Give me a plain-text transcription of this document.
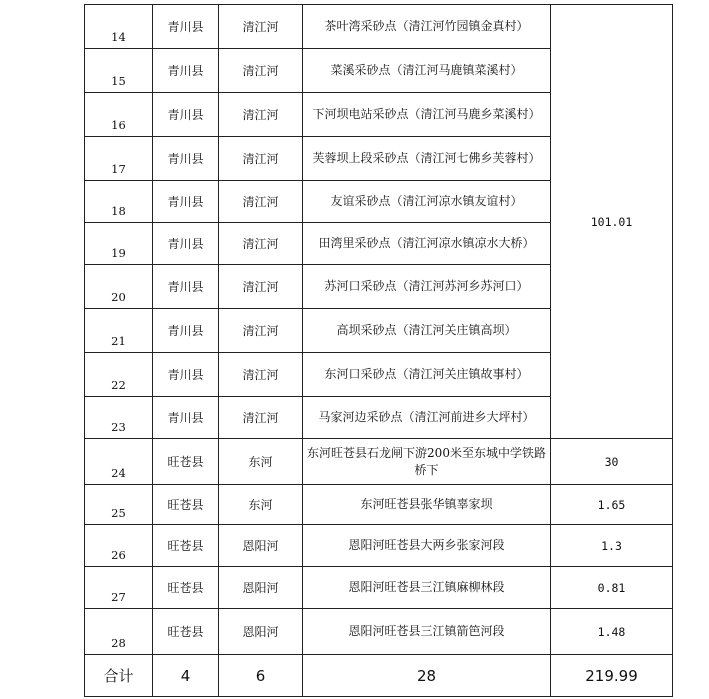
14	青川县	清江河	茶叶湾采砂点（清江河竹园镇金真村）	101.01
15	青川县	清江河	菜溪采砂点（清江河马鹿镇菜溪村）	
16	青川县	清江河	下河坝电站采砂点（清江河马鹿乡菜溪村）	
17	青川县	清江河	芙蓉坝上段采砂点（清江河七佛乡芙蓉村）	
18	青川县	清江河	友谊采砂点（清江河凉水镇友谊村）	
19	青川县	清江河	田湾里采砂点（清江河凉水镇凉水大桥）	
20	青川县	清江河	苏河口采砂点（清江河苏河乡苏河口）	
21	青川县	清江河	高坝采砂点（清江河关庄镇高坝）	
22	青川县	清江河	东河口采砂点（清江河关庄镇故事村）	
23	青川县	清江河	马家河边采砂点（清江河前进乡大坪村）	
24	旺苍县	东河	东河旺苍县石龙闸下游200米至东城中学铁路桥下	30
25	旺苍县	东河	东河旺苍县张华镇辜家坝	1.65
26	旺苍县	恩阳河	恩阳河旺苍县大两乡张家河段	1.3
27	旺苍县	恩阳河	恩阳河旺苍县三江镇麻柳林段	0.81
28	旺苍县	恩阳河	恩阳河旺苍县三江镇箭笆河段	1.48
合计	4	6	28	219.99
